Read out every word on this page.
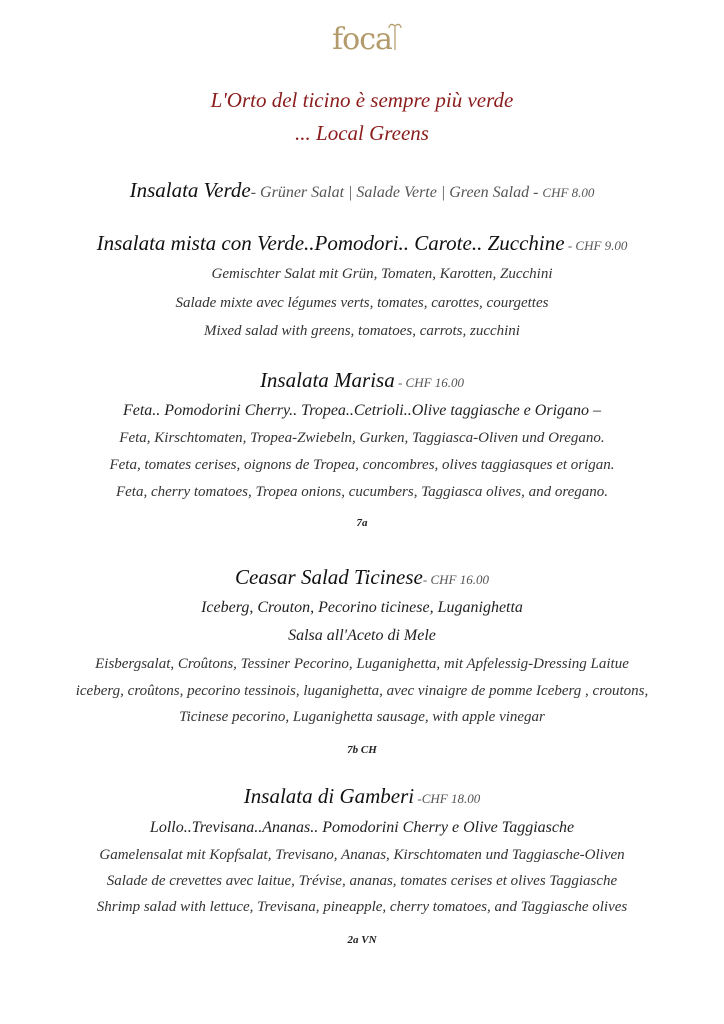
foca
L'Orto del ticino è sempre più verde
... Local Greens
Insalata Verde- Grüner Salat | Salade Verte | Green Salad - CHF 8.00
Insalata mista con Verde..Pomodori.. Carote.. Zucchine - CHF 9.00
Gemischter Salat mit Grün, Tomaten, Karotten, Zucchini
Salade mixte avec légumes verts, tomates, carottes, courgettes
Mixed salad with greens, tomatoes, carrots, zucchini
Insalata Marisa - CHF 16.00
Feta.. Pomodorini Cherry.. Tropea..Cetrioli..Olive taggiasche e Origano –
Feta, Kirschtomaten, Tropea-Zwiebeln, Gurken, Taggiasca-Oliven und Oregano.
Feta, tomates cerises, oignons de Tropea, concombres, olives taggiasques et origan.
Feta, cherry tomatoes, Tropea onions, cucumbers, Taggiasca olives, and oregano.
7a
Ceasar Salad Ticinese- CHF 16.00
Iceberg, Crouton, Pecorino ticinese, Luganighetta
Salsa all'Aceto di Mele
Eisbergsalat, Croûtons, Tessiner Pecorino, Luganighetta, mit Apfelessig-Dressing Laitue
iceberg, croûtons, pecorino tessinois, luganighetta, avec vinaigre de pomme Iceberg , croutons,
Ticinese pecorino, Luganighetta sausage, with apple vinegar
7b CH
Insalata di Gamberi -CHF 18.00
Lollo..Trevisana..Ananas.. Pomodorini Cherry e Olive Taggiasche
Gamelensalat mit Kopfsalat, Trevisano, Ananas, Kirschtomaten und Taggiasche-Oliven
Salade de crevettes avec laitue, Trévise, ananas, tomates cerises et olives Taggiasche
Shrimp salad with lettuce, Trevisana, pineapple, cherry tomatoes, and Taggiasche olives
2a VN
